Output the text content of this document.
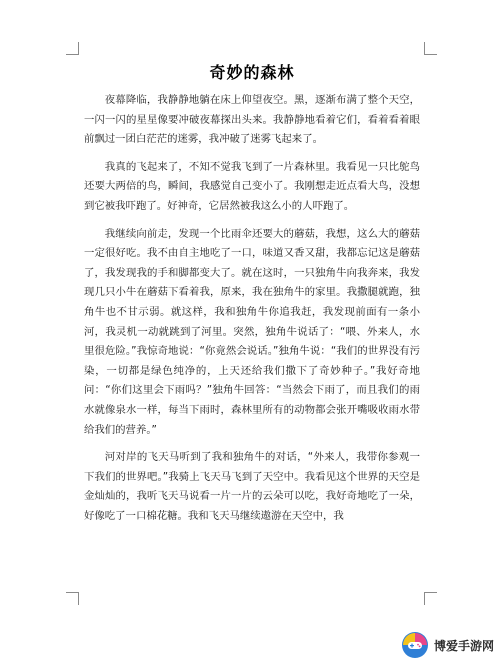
奇妙的森林

夜幕降临，我静静地躺在床上仰望夜空。黑，逐渐布满了整个天空，一闪一闪的星星像要冲破夜幕探出头来。我静静地看着它们，看着看着眼前飘过一团白茫茫的迷雾，我冲破了迷雾飞起来了。

我真的飞起来了，不知不觉我飞到了一片森林里。我看见一只比鸵鸟还要大两倍的鸟，瞬间，我感觉自己变小了。我刚想走近点看大鸟，没想到它被我吓跑了。好神奇，它居然被我这么小的人吓跑了。

我继续向前走，发现一个比雨伞还要大的蘑菇，我想，这么大的蘑菇一定很好吃。我不由自主地吃了一口，味道又香又甜，我都忘记这是蘑菇了，我发现我的手和脚都变大了。就在这时，一只独角牛向我奔来，我发现几只小牛在蘑菇下看着我，原来，我在独角牛的家里。我撒腿就跑，独角牛也不甘示弱。就这样，我和独角牛你追我赶，我发现前面有一条小河，我灵机一动就跳到了河里。突然，独角牛说话了：“喂、外来人，水里很危险。”我惊奇地说：“你竟然会说话。”独角牛说：“我们的世界没有污染，一切都是绿色纯净的，上天还给我们撒下了奇妙种子。”我好奇地问：“你们这里会下雨吗？”独角牛回答：“当然会下雨了，而且我们的雨水就像泉水一样，每当下雨时，森林里所有的动物都会张开嘴吸收雨水带给我们的营养。”

河对岸的飞天马听到了我和独角牛的对话，“外来人，我带你参观一下我们的世界吧。”我骑上飞天马飞到了天空中。我看见这个世界的天空是金灿灿的，我听飞天马说看一片一片的云朵可以吃，我好奇地吃了一朵，好像吃了一口棉花糖。我和飞天马继续遨游在天空中，我

博爱手游网
